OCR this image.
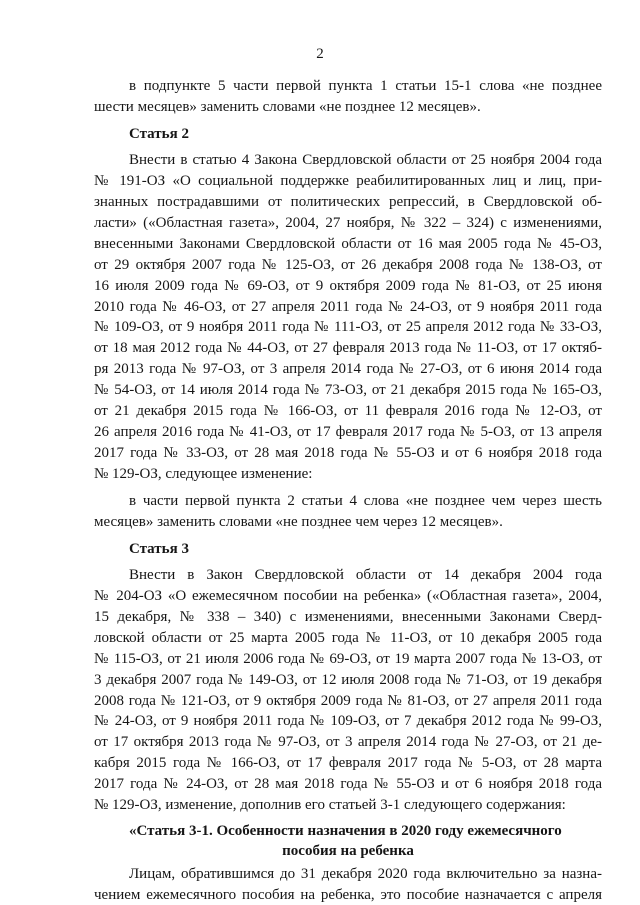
2
в подпункте 5 части первой пункта 1 статьи 15-1 слова «не позднее
шести месяцев» заменить словами «не позднее 12 месяцев».
Статья 2
Внести в статью 4 Закона Свердловской области от 25 ноября 2004 года
№ 191-ОЗ «О социальной поддержке реабилитированных лиц и лиц, при-
знанных пострадавшими от политических репрессий, в Свердловской об-
ласти» («Областная газета», 2004, 27 ноября, № 322 – 324) с изменениями,
внесенными Законами Свердловской области от 16 мая 2005 года № 45-ОЗ,
от 29 октября 2007 года № 125-ОЗ, от 26 декабря 2008 года № 138-ОЗ, от
16 июля 2009 года № 69-ОЗ, от 9 октября 2009 года № 81-ОЗ, от 25 июня
2010 года № 46-ОЗ, от 27 апреля 2011 года № 24-ОЗ, от 9 ноября 2011 года
№ 109-ОЗ, от 9 ноября 2011 года № 111-ОЗ, от 25 апреля 2012 года № 33-ОЗ,
от 18 мая 2012 года № 44-ОЗ, от 27 февраля 2013 года № 11-ОЗ, от 17 октяб-
ря 2013 года № 97-ОЗ, от 3 апреля 2014 года № 27-ОЗ, от 6 июня 2014 года
№ 54-ОЗ, от 14 июля 2014 года № 73-ОЗ, от 21 декабря 2015 года № 165-ОЗ,
от 21 декабря 2015 года № 166-ОЗ, от 11 февраля 2016 года № 12-ОЗ, от
26 апреля 2016 года № 41-ОЗ, от 17 февраля 2017 года № 5-ОЗ, от 13 апреля
2017 года № 33-ОЗ, от 28 мая 2018 года № 55-ОЗ и от 6 ноября 2018 года
№ 129-ОЗ, следующее изменение:
в части первой пункта 2 статьи 4 слова «не позднее чем через шесть
месяцев» заменить словами «не позднее чем через 12 месяцев».
Статья 3
Внести в Закон Свердловской области от 14 декабря 2004 года
№ 204-ОЗ «О ежемесячном пособии на ребенка» («Областная газета», 2004,
15 декабря, № 338 – 340) с изменениями, внесенными Законами Сверд-
ловской области от 25 марта 2005 года № 11-ОЗ, от 10 декабря 2005 года
№ 115-ОЗ, от 21 июля 2006 года № 69-ОЗ, от 19 марта 2007 года № 13-ОЗ, от
3 декабря 2007 года № 149-ОЗ, от 12 июля 2008 года № 71-ОЗ, от 19 декабря
2008 года № 121-ОЗ, от 9 октября 2009 года № 81-ОЗ, от 27 апреля 2011 года
№ 24-ОЗ, от 9 ноября 2011 года № 109-ОЗ, от 7 декабря 2012 года № 99-ОЗ,
от 17 октября 2013 года № 97-ОЗ, от 3 апреля 2014 года № 27-ОЗ, от 21 де-
кабря 2015 года № 166-ОЗ, от 17 февраля 2017 года № 5-ОЗ, от 28 марта
2017 года № 24-ОЗ, от 28 мая 2018 года № 55-ОЗ и от 6 ноября 2018 года
№ 129-ОЗ, изменение, дополнив его статьей 3-1 следующего содержания:
«Статья 3-1. Особенности назначения в 2020 году ежемесячного
пособия на ребенка
Лицам, обратившимся до 31 декабря 2020 года включительно за назна-
чением ежемесячного пособия на ребенка, это пособие назначается с апреля
